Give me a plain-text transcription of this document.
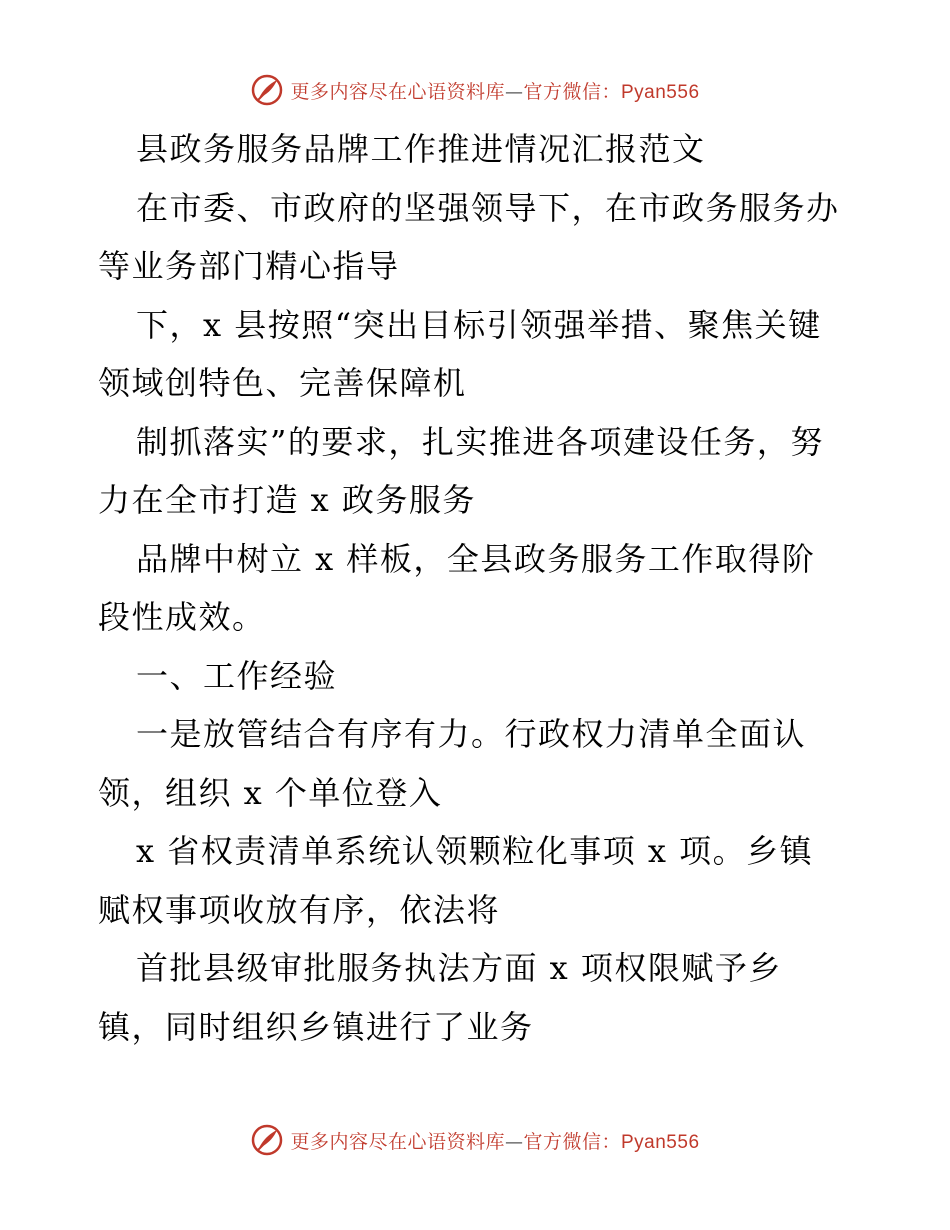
更多内容尽在心语资料库—官方微信：Pyan556
县政务服务品牌工作推进情况汇报范文
在市委、市政府的坚强领导下，在市政务服务办
等业务部门精心指导
下，x 县按照“突出目标引领强举措、聚焦关键
领域创特色、完善保障机
制抓落实”的要求，扎实推进各项建设任务，努
力在全市打造 x 政务服务
品牌中树立 x 样板，全县政务服务工作取得阶
段性成效。
一、工作经验
一是放管结合有序有力。行政权力清单全面认
领，组织 x 个单位登入
x 省权责清单系统认领颗粒化事项 x 项。乡镇
赋权事项收放有序，依法将
首批县级审批服务执法方面 x 项权限赋予乡
镇，同时组织乡镇进行了业务
更多内容尽在心语资料库—官方微信：Pyan556
